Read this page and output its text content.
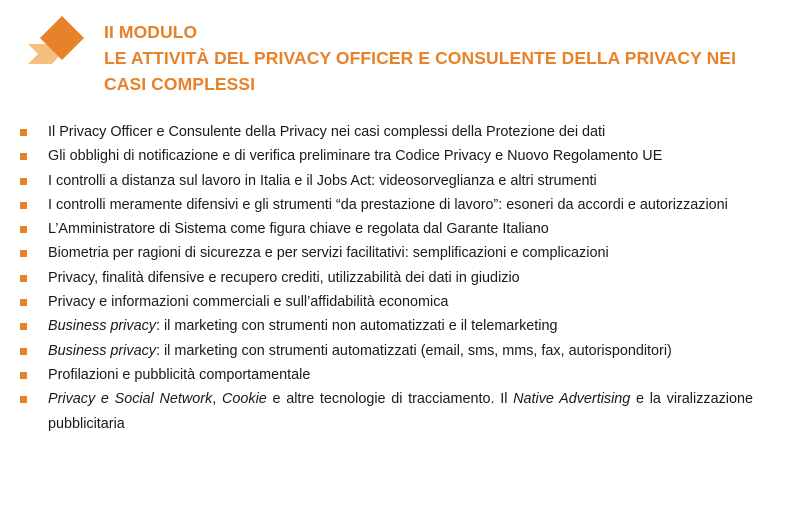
II MODULO
LE ATTIVITÀ DEL PRIVACY OFFICER E CONSULENTE DELLA PRIVACY NEI
CASI COMPLESSI
Il Privacy Officer e Consulente della Privacy nei casi complessi della Protezione dei dati
Gli obblighi di notificazione e di verifica preliminare tra Codice Privacy e Nuovo Regolamento UE
I controlli a distanza sul lavoro in Italia e il Jobs Act: videosorveglianza e altri strumenti
I controlli meramente difensivi e gli strumenti “da prestazione di lavoro”: esoneri da accordi e autorizzazioni
L’Amministratore di Sistema come figura chiave e regolata dal Garante Italiano
Biometria per ragioni di sicurezza e per servizi facilitativi: semplificazioni e complicazioni
Privacy, finalità difensive e recupero crediti, utilizzabilità dei dati in giudizio
Privacy e informazioni commerciali e sull’affidabilità economica
Business privacy: il marketing con strumenti non automatizzati e il telemarketing
Business privacy: il marketing con strumenti automatizzati (email, sms, mms, fax, autorisponditori)
Profilazioni e pubblicità comportamentale
Privacy e Social Network, Cookie e altre tecnologie di tracciamento. Il Native Advertising e la viralizzazione pubblicitaria
